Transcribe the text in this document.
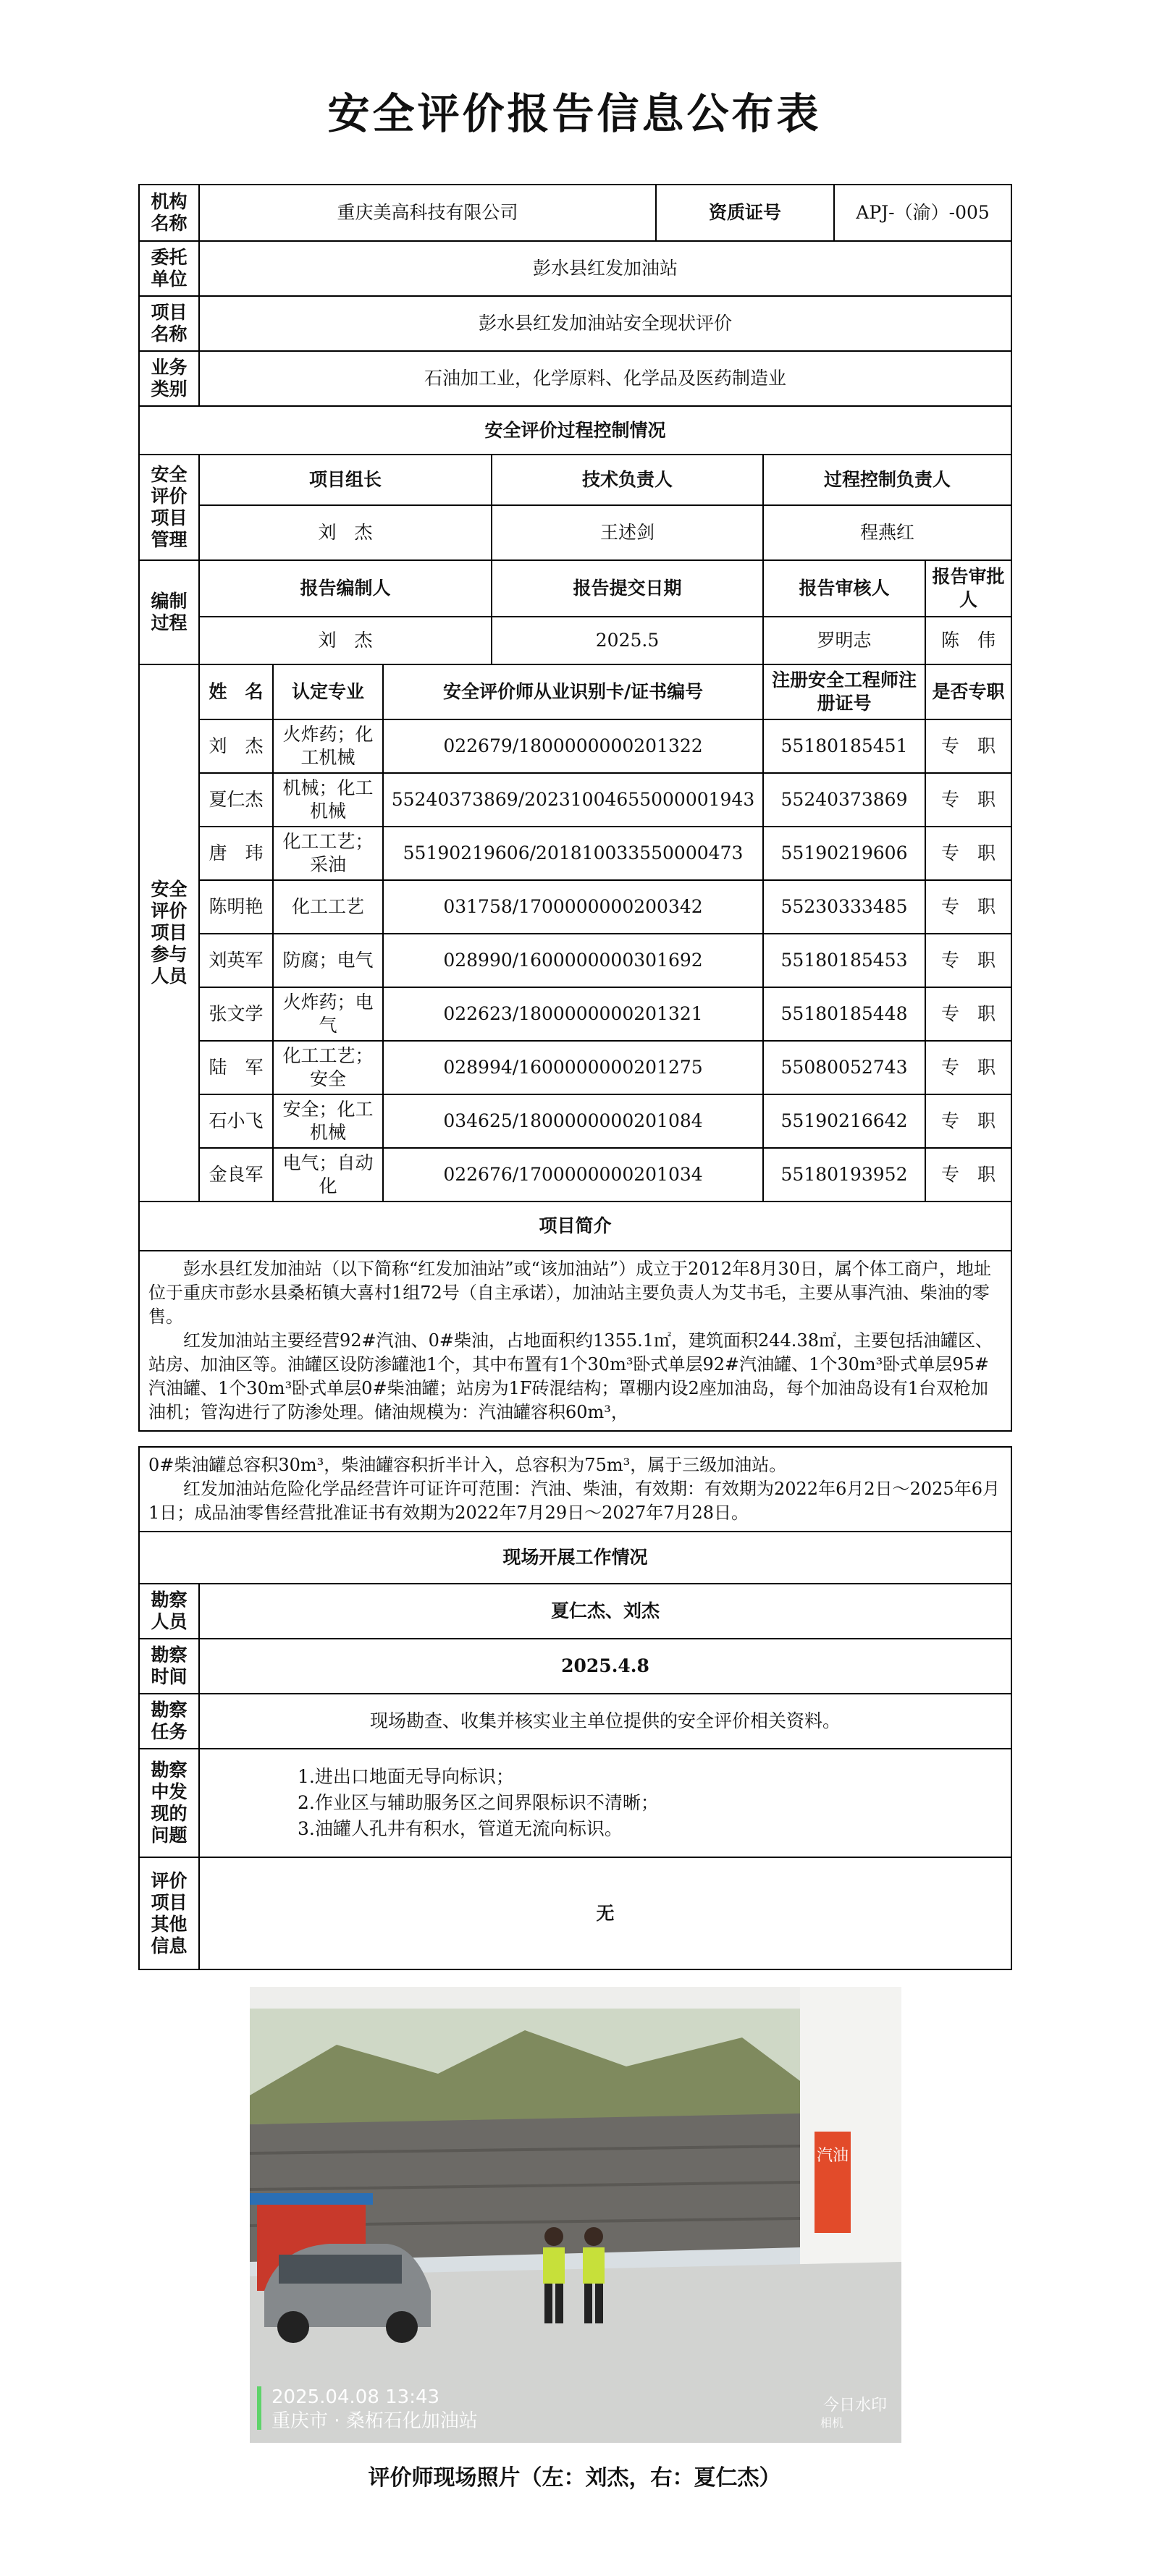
安全评价报告信息公布表
机构名称	重庆美高科技有限公司				资质证号		APJ-（渝）-005	
委托单位	彭水县红发加油站							
项目名称	彭水县红发加油站安全现状评价							
业务类别	石油加工业，化学原料、化学品及医药制造业							
安全评价过程控制情况								
安全评价项目管理	项目组长			技术负责人		过程控制负责人		
	刘　杰			王述剑		程燕红		
编制过程	报告编制人			报告提交日期		报告审核人		报告审批人
	刘　杰			2025.5		罗明志		陈　伟
安全评价项目参与人员	姓　名	认定专业	安全评价师从业识别卡/证书编号			注册安全工程师注册证号		是否专职
	刘　杰	火炸药；化工机械	022679/1800000000201322			55180185451		专　职
	夏仁杰	机械；化工机械	55240373869/20231004655000001943			55240373869		专　职
	唐　玮	化工工艺；采油	55190219606/201810033550000473			55190219606		专　职
	陈明艳	化工工艺	031758/1700000000200342			55230333485		专　职
	刘英军	防腐；电气	028990/1600000000301692			55180185453		专　职
	张文学	火炸药；电气	022623/1800000000201321			55180185448		专　职
	陆　军	化工工艺；安全	028994/1600000000201275			55080052743		专　职
	石小飞	安全；化工机械	034625/1800000000201084			55190216642		专　职
	金良军	电气；自动化	022676/1700000000201034			55180193952		专　职
项目简介								

彭水县红发加油站（以下简称“红发加油站”或“该加油站”）成立于2012年8月30日，属个体工商户，地址位于重庆市彭水县桑柘镇大喜村1组72号（自主承诺），加油站主要负责人为艾书毛，主要从事汽油、柴油的零售。
红发加油站主要经营92#汽油、0#柴油，占地面积约1355.1㎡，建筑面积244.38㎡，主要包括油罐区、站房、加油区等。油罐区设防渗罐池1个，其中布置有1个30m³卧式单层92#汽油罐、1个30m³卧式单层95#汽油罐、1个30m³卧式单层0#柴油罐；站房为1F砖混结构；罩棚内设2座加油岛，每个加油岛设有1台双枪加油机；管沟进行了防渗处理。储油规模为：汽油罐容积60m³，								
0#柴油罐总容积30m³，柴油罐容积折半计入，总容积为75m³，属于三级加油站。
红发加油站危险化学品经营许可证许可范围：汽油、柴油，有效期：有效期为2022年6月2日～2025年6月1日；成品油零售经营批准证书有效期为2022年7月29日～2027年7月28日。	

现场开展工作情况	
勘察人员	夏仁杰、刘杰
勘察时间	2025.4.8
勘察任务	现场勘查、收集并核实业主单位提供的安全评价相关资料。
勘察中发现的问题	1.进出口地面无导向标识；
2.作业区与辅助服务区之间界限标识不清晰；
3.油罐人孔井有积水，管道无流向标识。

评价项目其他信息	无
汽油
2025.04.08 13:43
重庆市 · 桑柘石化加油站
今日水印
相机
评价师现场照片（左：刘杰，右：夏仁杰）
